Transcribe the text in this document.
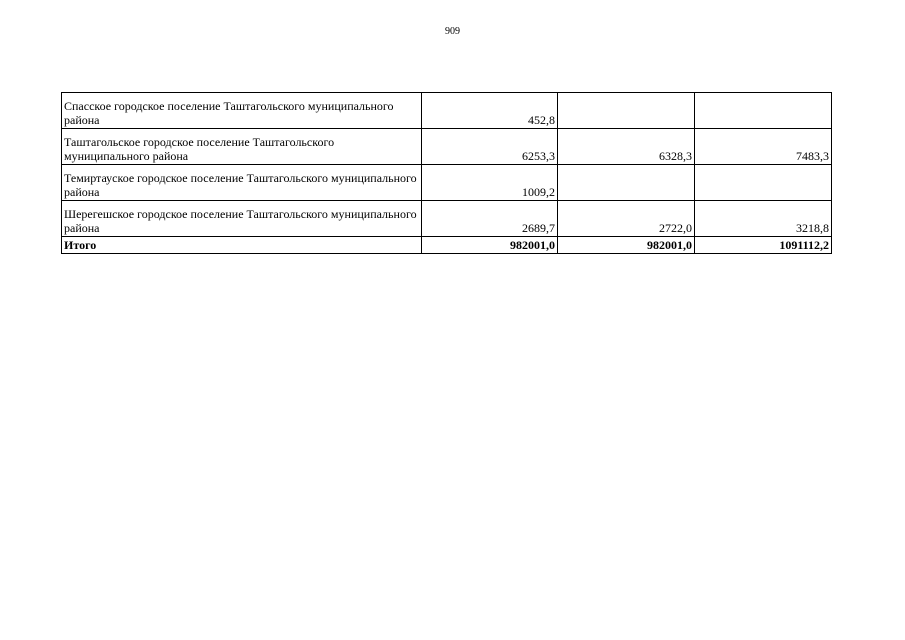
909
Спасское городское поселение Таштагольского муниципального района	452,8		
Таштагольское городское поселение Таштагольского муниципального района	6253,3	6328,3	7483,3
Темиртауское городское поселение Таштагольского муниципального района	1009,2		
Шерегешское городское поселение Таштагольского муниципального района	2689,7	2722,0	3218,8
Итого	982001,0	982001,0	1091112,2
